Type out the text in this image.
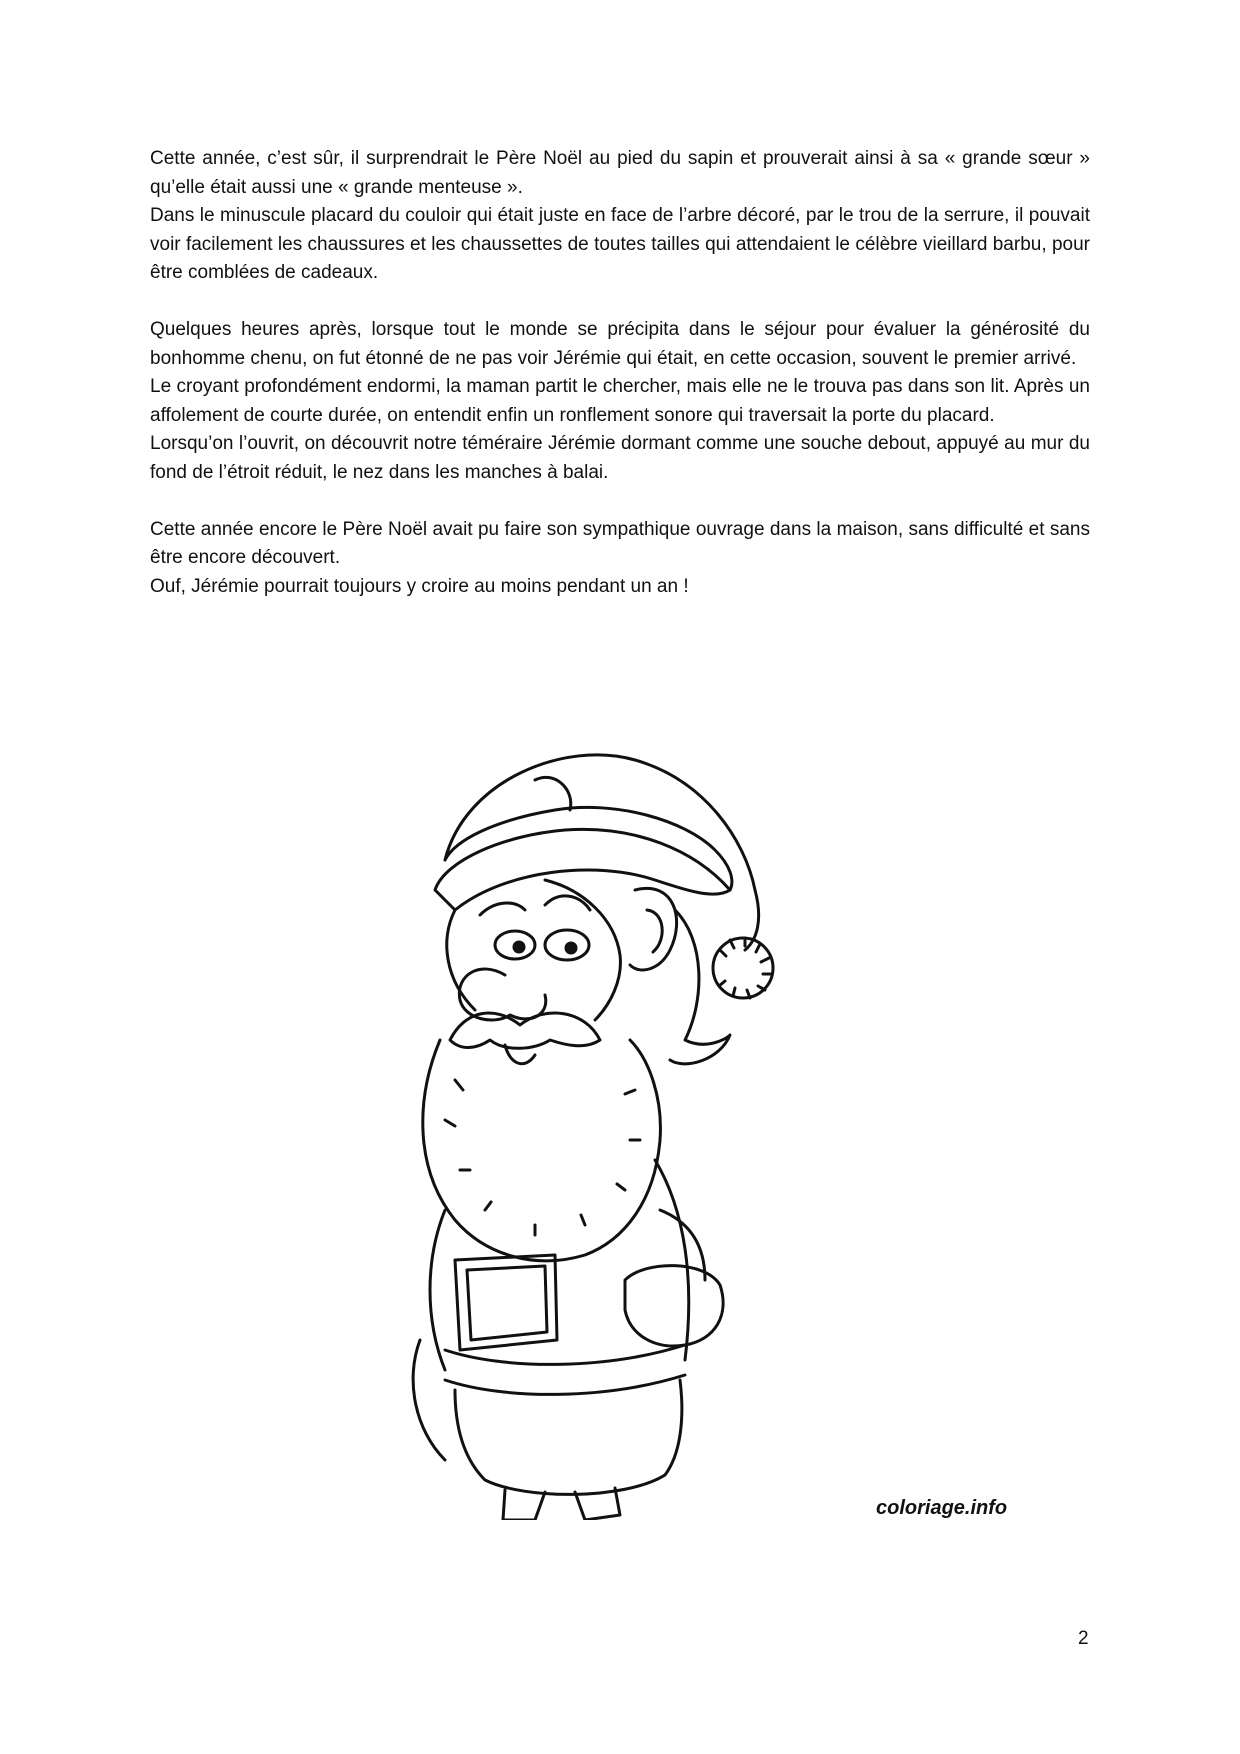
Cette année, c’est sûr, il surprendrait le Père Noël au pied du sapin et prouverait ainsi à sa « grande sœur » qu’elle était aussi une « grande menteuse ».

Dans le minuscule placard du couloir qui était juste en face de l’arbre décoré, par le trou de la serrure, il pouvait voir facilement les chaussures et les chaussettes de toutes tailles qui attendaient le célèbre vieillard barbu, pour être comblées de cadeaux.

Quelques heures après, lorsque tout le monde se précipita dans le séjour pour évaluer la générosité du bonhomme chenu, on fut étonné de ne pas voir Jérémie qui était, en cette occasion, souvent le premier arrivé.

Le croyant profondément endormi, la maman partit le chercher, mais elle ne le trouva pas dans son lit. Après un affolement de courte durée, on entendit enfin un ronflement sonore qui traversait la porte du placard.

Lorsqu’on l’ouvrit, on découvrit notre téméraire Jérémie dormant comme une souche debout, appuyé au mur du fond de l’étroit réduit, le nez dans les manches à balai.

Cette année encore le Père Noël avait pu faire son sympathique ouvrage dans la maison, sans difficulté et sans être encore découvert.

Ouf, Jérémie pourrait toujours y croire au moins pendant un an !

coloriage.info
2
